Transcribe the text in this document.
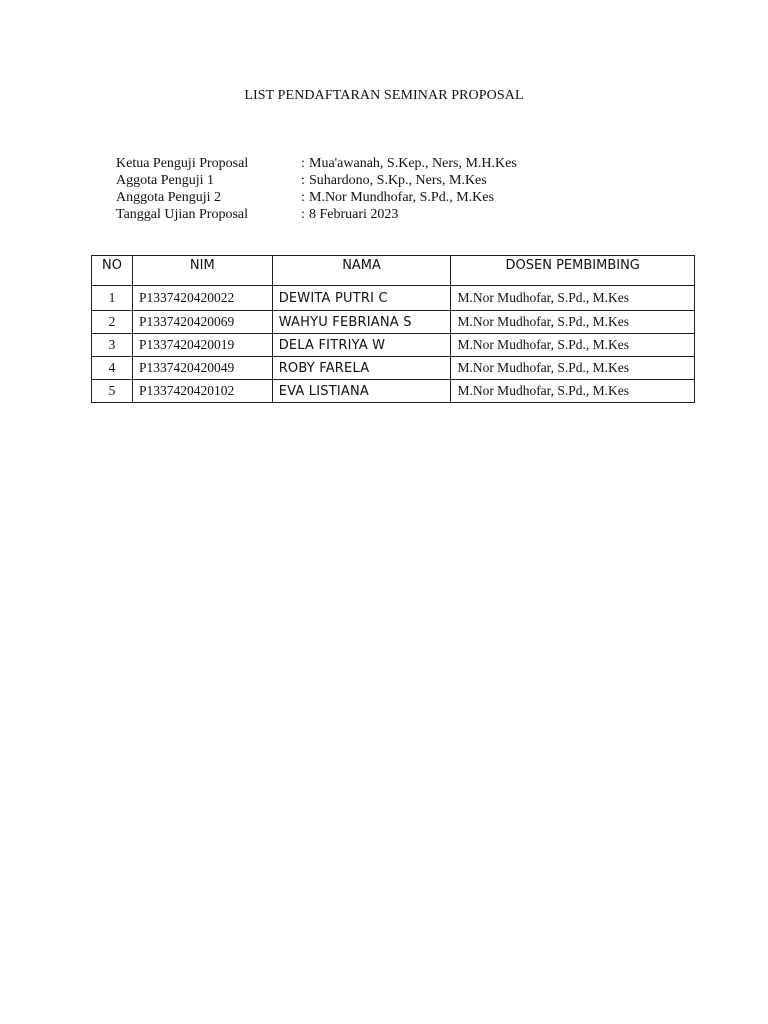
LIST PENDAFTARAN SEMINAR PROPOSAL
Ketua Penguji Proposal	: Mua'awanah, S.Kep., Ners, M.H.Kes
Aggota Penguji 1	: Suhardono, S.Kp., Ners, M.Kes
Anggota Penguji 2	: M.Nor Mundhofar, S.Pd., M.Kes
Tanggal Ujian Proposal	: 8 Februari 2023
NO	NIM	NAMA	DOSEN PEMBIMBING
1	P1337420420022	DEWITA PUTRI C	M.Nor Mudhofar, S.Pd., M.Kes
2	P1337420420069	WAHYU FEBRIANA S	M.Nor Mudhofar, S.Pd., M.Kes
3	P1337420420019	DELA FITRIYA W	M.Nor Mudhofar, S.Pd., M.Kes
4	P1337420420049	ROBY FARELA	M.Nor Mudhofar, S.Pd., M.Kes
5	P1337420420102	EVA LISTIANA	M.Nor Mudhofar, S.Pd., M.Kes
